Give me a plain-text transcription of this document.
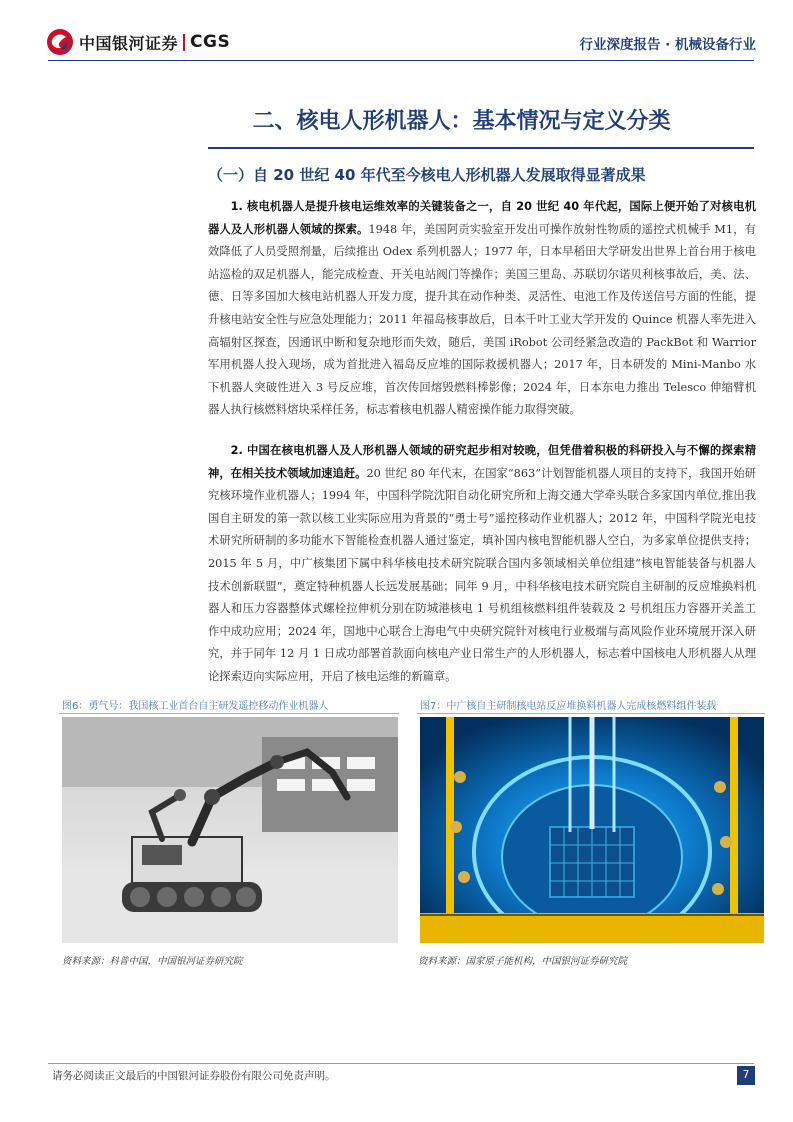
中国银河证券 CGS	行业深度报告 · 机械设备行业
二、核电人形机器人：基本情况与定义分类
（一）自 20 世纪 40 年代至今核电人形机器人发展取得显著成果

1. 核电机器人是提升核电运维效率的关键装备之一，自 20 世纪 40 年代起，国际上便开始了对核电机器人及人形机器人领域的探索。1948 年，美国阿贡实验室开发出可操作放射性物质的遥控式机械手 M1，有效降低了人员受照剂量，后续推出 Odex 系列机器人；1977 年，日本早稻田大学研发出世界上首台用于核电站巡检的双足机器人，能完成检查、开关电站阀门等操作；美国三里岛、苏联切尔诺贝利核事故后，美、法、德、日等多国加大核电站机器人开发力度，提升其在动作种类、灵活性、电池工作及传送信号方面的性能，提升核电站安全性与应急处理能力；2011 年福岛核事故后，日本千叶工业大学开发的 Quince 机器人率先进入高辐射区探查，因通讯中断和复杂地形而失效，随后，美国 iRobot 公司经紧急改造的 PackBot 和 Warrior 军用机器人投入现场，成为首批进入福岛反应堆的国际救援机器人；2017 年，日本研发的 Mini-Manbo 水下机器人突破性进入 3 号反应堆，首次传回熔毁燃料棒影像；2024 年，日本东电力推出 Telesco 伸缩臂机器人执行核燃料熔块采样任务，标志着核电机器人精密操作能力取得突破。

2. 中国在核电机器人及人形机器人领域的研究起步相对较晚，但凭借着积极的科研投入与不懈的探索精神，在相关技术领域加速追赶。20 世纪 80 年代末，在国家“863”计划智能机器人项目的支持下，我国开始研究核环境作业机器人；1994 年，中国科学院沈阳自动化研究所和上海交通大学牵头联合多家国内单位,推出我国自主研发的第一款以核工业实际应用为背景的“勇士号”遥控移动作业机器人；2012 年，中国科学院光电技术研究所研制的多功能水下智能检查机器人通过鉴定，填补国内核电智能机器人空白，为多家单位提供支持；2015 年 5 月，中广核集团下属中科华核电技术研究院联合国内多领域相关单位组建“核电智能装备与机器人技术创新联盟”，奠定特种机器人长远发展基础；同年 9 月，中科华核电技术研究院自主研制的反应堆换料机器人和压力容器整体式螺栓拉伸机分别在防城港核电 1 号机组核燃料组件装载及 2 号机组压力容器开关盖工作中成功应用；2024 年，国地中心联合上海电气中央研究院针对核电行业极端与高风险作业环境展开深入研究，并于同年 12 月 1 日成功部署首款面向核电产业日常生产的人形机器人，标志着中国核电人形机器人从理论探索迈向实际应用，开启了核电运维的新篇章。

图6：勇气号：我国核工业首台自主研发遥控移动作业机器人
资料来源：科普中国，中国银河证券研究院
图7：中广核自主研制核电站反应堆换料机器人完成核燃料组件装载
资料来源：国家原子能机构，中国银河证券研究院
请务必阅读正文最后的中国银河证券股份有限公司免责声明。	7
